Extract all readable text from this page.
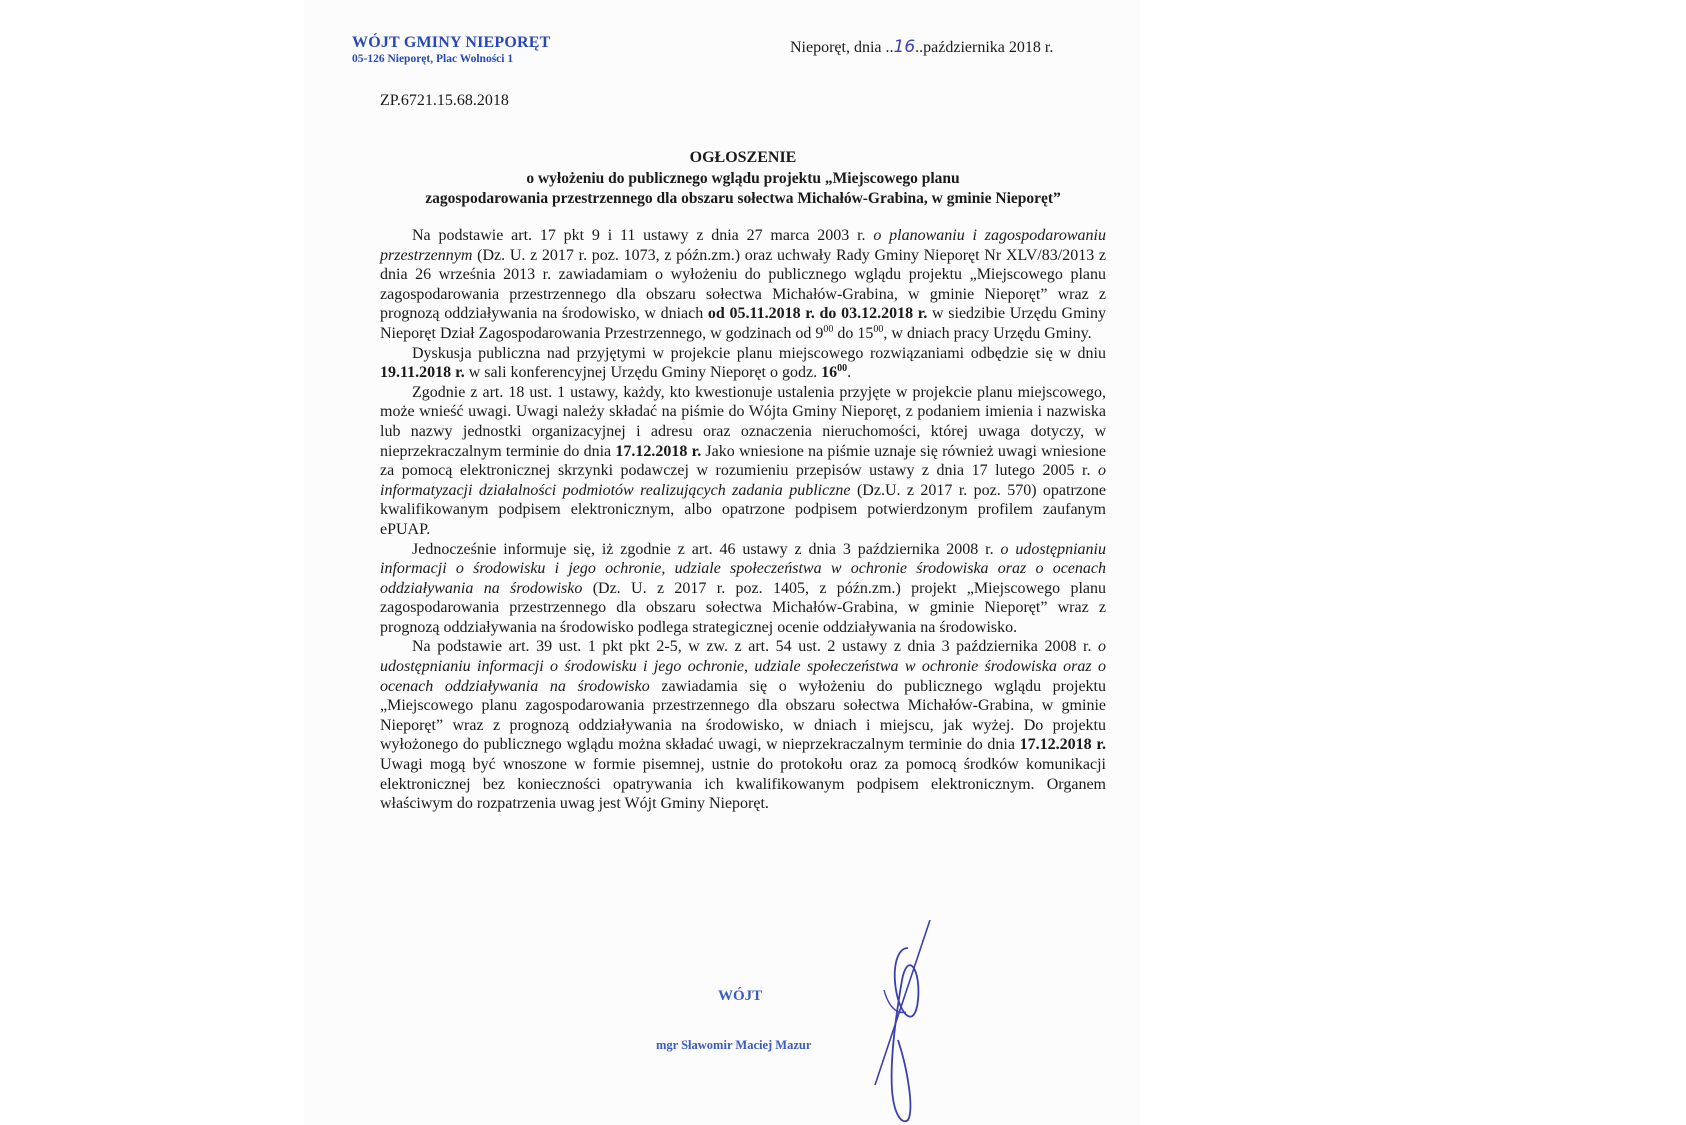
WÓJT GMINY NIEPORĘT
05-126 Nieporęt, Plac Wolności 1
Nieporęt, dnia ..16..października 2018 r.
ZP.6721.15.68.2018
OGŁOSZENIE
o wyłożeniu do publicznego wglądu projektu „Miejscowego planu
zagospodarowania przestrzennego dla obszaru sołectwa Michałów-Grabina, w gminie Nieporęt”

Na podstawie art. 17 pkt 9 i 11 ustawy z dnia 27 marca 2003 r. o planowaniu i zagospodarowaniu przestrzennym (Dz. U. z 2017 r. poz. 1073, z późn.zm.) oraz uchwały Rady Gminy Nieporęt Nr XLV/83/2013 z dnia 26 września 2013 r. zawiadamiam o wyłożeniu do publicznego wglądu projektu „Miejscowego planu zagospodarowania przestrzennego dla obszaru sołectwa Michałów-Grabina, w gminie Nieporęt” wraz z prognozą oddziaływania na środowisko, w dniach od 05.11.2018 r. do 03.12.2018 r. w siedzibie Urzędu Gminy Nieporęt Dział Zagospodarowania Przestrzennego, w godzinach od $9^{00}$ do $15^{00}$, w dniach pracy Urzędu Gminy.

Dyskusja publiczna nad przyjętymi w projekcie planu miejscowego rozwiązaniami odbędzie się w dniu 19.11.2018 r. w sali konferencyjnej Urzędu Gminy Nieporęt o godz. $16^{00}$.

Zgodnie z art. 18 ust. 1 ustawy, każdy, kto kwestionuje ustalenia przyjęte w projekcie planu miejscowego, może wnieść uwagi. Uwagi należy składać na piśmie do Wójta Gminy Nieporęt, z podaniem imienia i nazwiska lub nazwy jednostki organizacyjnej i adresu oraz oznaczenia nieruchomości, której uwaga dotyczy, w nieprzekraczalnym terminie do dnia 17.12.2018 r. Jako wniesione na piśmie uznaje się również uwagi wniesione za pomocą elektronicznej skrzynki podawczej w rozumieniu przepisów ustawy z dnia 17 lutego 2005 r. o informatyzacji działalności podmiotów realizujących zadania publiczne (Dz.U. z 2017 r. poz. 570) opatrzone kwalifikowanym podpisem elektronicznym, albo opatrzone podpisem potwierdzonym profilem zaufanym ePUAP.

Jednocześnie informuje się, iż zgodnie z art. 46 ustawy z dnia 3 października 2008 r. o udostępnianiu informacji o środowisku i jego ochronie, udziale społeczeństwa w ochronie środowiska oraz o ocenach oddziaływania na środowisko (Dz. U. z 2017 r. poz. 1405, z późn.zm.) projekt „Miejscowego planu zagospodarowania przestrzennego dla obszaru sołectwa Michałów-Grabina, w gminie Nieporęt” wraz z prognozą oddziaływania na środowisko podlega strategicznej ocenie oddziaływania na środowisko.

Na podstawie art. 39 ust. 1 pkt pkt 2-5, w zw. z art. 54 ust. 2 ustawy z dnia 3 października 2008 r. o udostępnianiu informacji o środowisku i jego ochronie, udziale społeczeństwa w ochronie środowiska oraz o ocenach oddziaływania na środowisko zawiadamia się o wyłożeniu do publicznego wglądu projektu „Miejscowego planu zagospodarowania przestrzennego dla obszaru sołectwa Michałów-Grabina, w gminie Nieporęt” wraz z prognozą oddziaływania na środowisko, w dniach i miejscu, jak wyżej. Do projektu wyłożonego do publicznego wglądu można składać uwagi, w nieprzekraczalnym terminie do dnia 17.12.2018 r. Uwagi mogą być wnoszone w formie pisemnej, ustnie do protokołu oraz za pomocą środków komunikacji elektronicznej bez konieczności opatrywania ich kwalifikowanym podpisem elektronicznym. Organem właściwym do rozpatrzenia uwag jest Wójt Gminy Nieporęt.

WÓJT
mgr Sławomir Maciej Mazur
